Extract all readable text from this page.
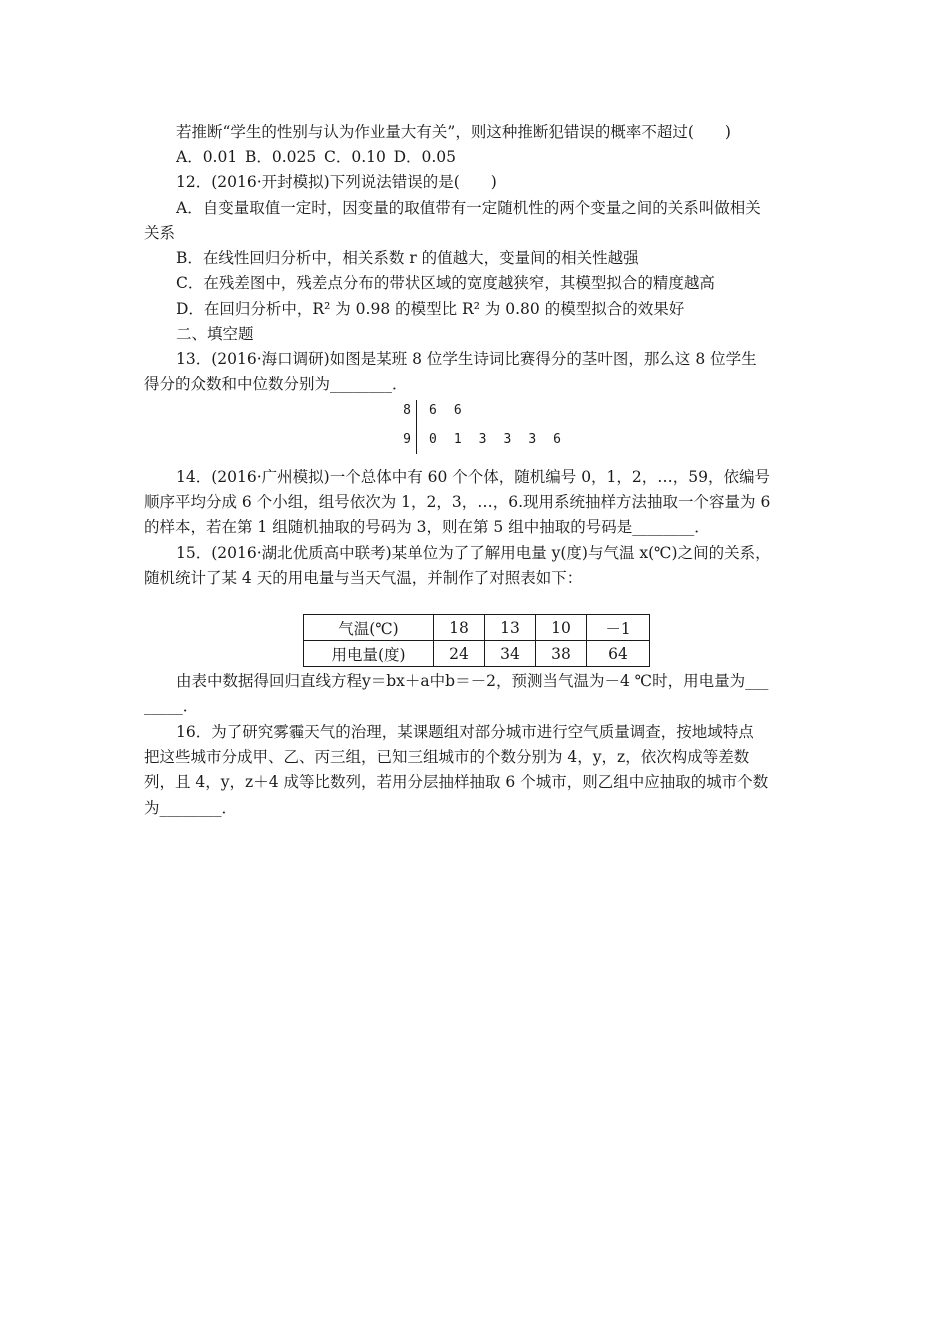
若推断“学生的性别与认为作业量大有关”，则这种推断犯错误的概率不超过(　　)
A．0.01 B．0.025 C．0.10 D．0.05
12．(2016·开封模拟)下列说法错误的是(　　)
A．自变量取值一定时，因变量的取值带有一定随机性的两个变量之间的关系叫做相关
关系
B．在线性回归分析中，相关系数 r 的值越大，变量间的相关性越强
C．在残差图中，残差点分布的带状区域的宽度越狭窄，其模型拟合的精度越高
D．在回归分析中，R² 为 0.98 的模型比 R² 为 0.80 的模型拟合的效果好
二、填空题
13．(2016·海口调研)如图是某班 8 位学生诗词比赛得分的茎叶图，那么这 8 位学生
得分的众数和中位数分别为________．
8 6 6
9 0 1 3 3 3 6
14．(2016·广州模拟)一个总体中有 60 个个体，随机编号 0，1，2，…，59，依编号
顺序平均分成 6 个小组，组号依次为 1，2，3，…，6.现用系统抽样方法抽取一个容量为 6
的样本，若在第 1 组随机抽取的号码为 3，则在第 5 组中抽取的号码是________．
15．(2016·湖北优质高中联考)某单位为了了解用电量 y(度)与气温 x(℃)之间的关系，
随机统计了某 4 天的用电量与当天气温，并制作了对照表如下：
气温(℃)	18	13	10	－1
用电量(度)	24	34	38	64
由表中数据得回归直线方程y＝bx＋a中b＝－2，预测当气温为－4 ℃时，用电量为___
_____．
16．为了研究雾霾天气的治理，某课题组对部分城市进行空气质量调查，按地域特点
把这些城市分成甲、乙、丙三组，已知三组城市的个数分别为 4，y，z，依次构成等差数
列，且 4，y，z＋4 成等比数列，若用分层抽样抽取 6 个城市，则乙组中应抽取的城市个数
为________．
